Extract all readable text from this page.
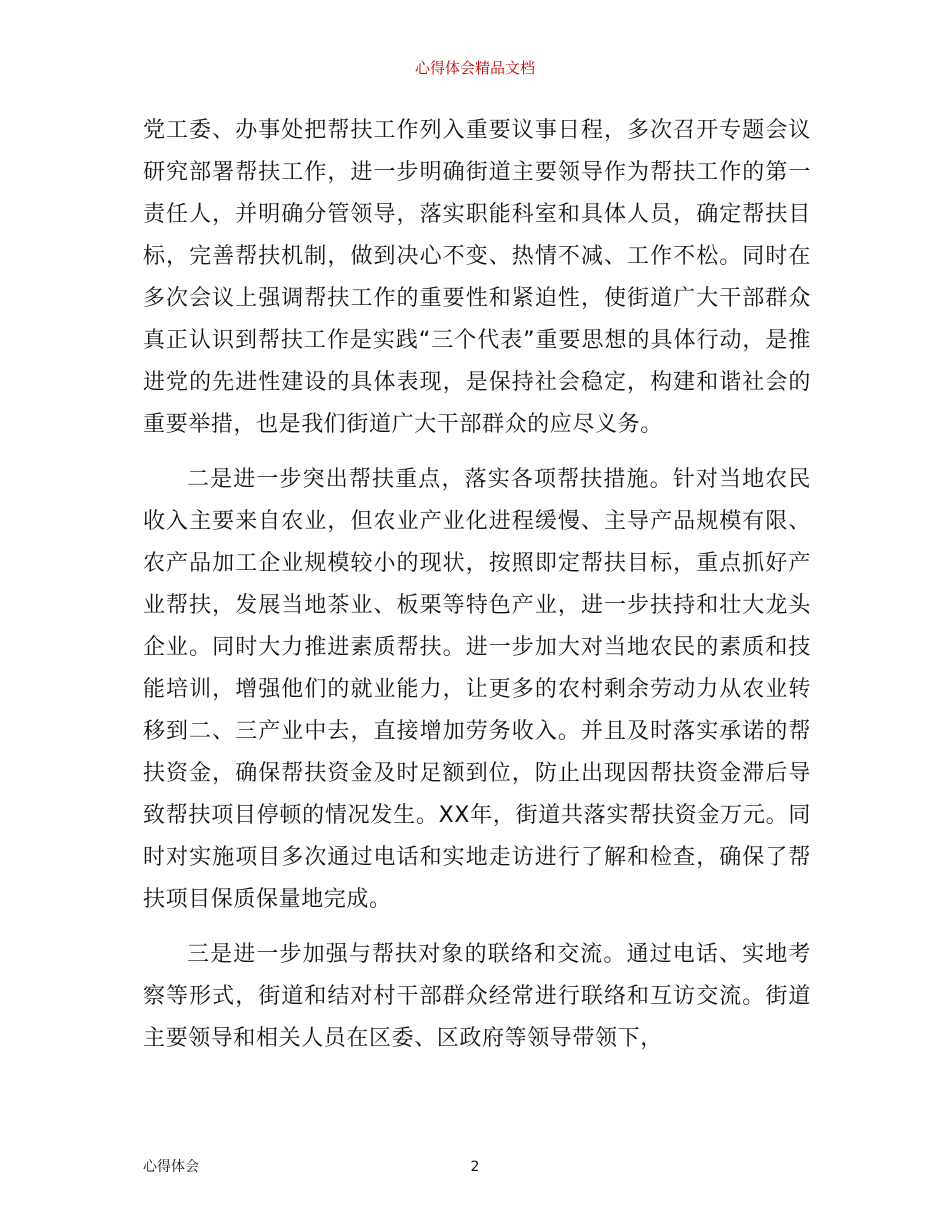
心得体会精品文档

党工委、办事处把帮扶工作列入重要议事日程，多次召开专题会议研究部署帮扶工作，进一步明确街道主要领导作为帮扶工作的第一责任人，并明确分管领导，落实职能科室和具体人员，确定帮扶目标，完善帮扶机制，做到决心不变、热情不减、工作不松。同时在多次会议上强调帮扶工作的重要性和紧迫性，使街道广大干部群众真正认识到帮扶工作是实践“三个代表”重要思想的具体行动，是推进党的先进性建设的具体表现，是保持社会稳定，构建和谐社会的重要举措，也是我们街道广大干部群众的应尽义务。

二是进一步突出帮扶重点，落实各项帮扶措施。针对当地农民收入主要来自农业，但农业产业化进程缓慢、主导产品规模有限、农产品加工企业规模较小的现状，按照即定帮扶目标，重点抓好产业帮扶，发展当地茶业、板栗等特色产业，进一步扶持和壮大龙头企业。同时大力推进素质帮扶。进一步加大对当地农民的素质和技能培训，增强他们的就业能力，让更多的农村剩余劳动力从农业转移到二、三产业中去，直接增加劳务收入。并且及时落实承诺的帮扶资金，确保帮扶资金及时足额到位，防止出现因帮扶资金滞后导致帮扶项目停顿的情况发生。XX年，街道共落实帮扶资金万元。同时对实施项目多次通过电话和实地走访进行了解和检查，确保了帮扶项目保质保量地完成。

三是进一步加强与帮扶对象的联络和交流。通过电话、实地考察等形式，街道和结对村干部群众经常进行联络和互访交流。街道主要领导和相关人员在区委、区政府等领导带领下，

心得体会	2
